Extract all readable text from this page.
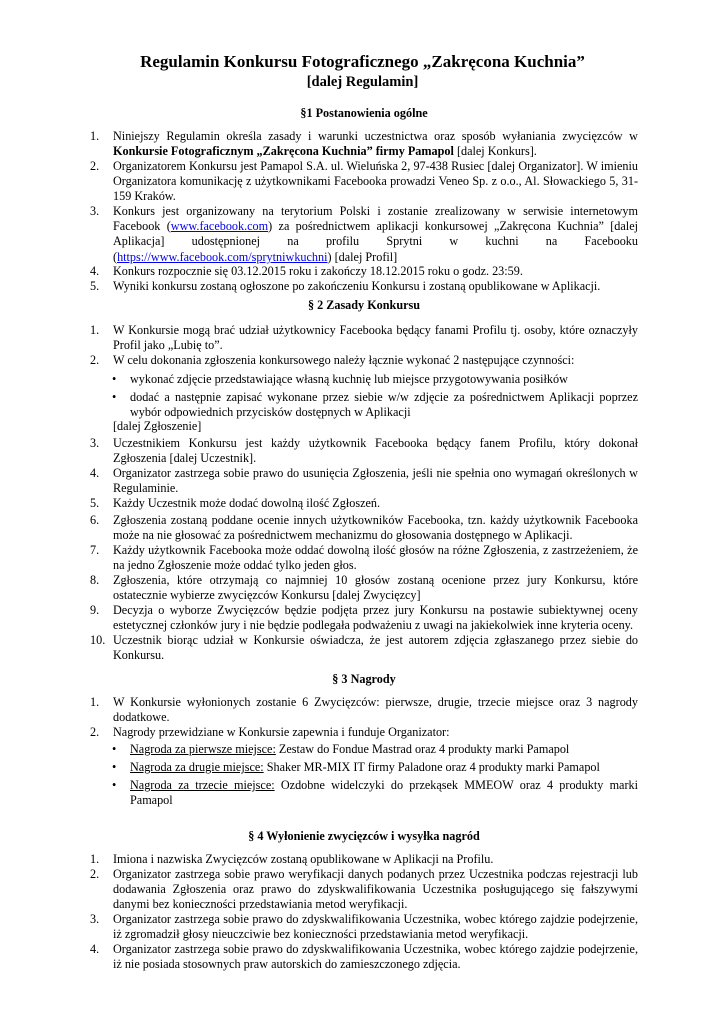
Regulamin Konkursu Fotograficznego „Zakręcona Kuchnia”
[dalej Regulamin]
§1 Postanowienia ogólne
1.	Niniejszy Regulamin określa zasady i warunki uczestnictwa oraz sposób wyłaniania zwycięzców w
Konkursie Fotograficznym „Zakręcona Kuchnia” firmy Pamapol [dalej Konkurs].
2.	Organizatorem Konkursu jest Pamapol S.A. ul. Wieluńska 2, 97-438 Rusiec [dalej Organizator]. W imieniu Organizatora komunikację z użytkownikami Facebooka prowadzi Veneo Sp. z o.o., Al. Słowackiego 5, 31-159 Kraków.
3.	Konkurs jest organizowany na terytorium Polski i zostanie zrealizowany w serwisie internetowym
Facebook (www.facebook.com) za pośrednictwem aplikacji konkursowej „Zakręcona Kuchnia” [dalej
Aplikacja] udostępnionej na profilu Sprytni w kuchni na Facebooku
(https://www.facebook.com/sprytniwkuchni) [dalej Profil]
4.	Konkurs rozpocznie się 03.12.2015 roku i zakończy 18.12.2015 roku o godz. 23:59.
5.	Wyniki konkursu zostaną ogłoszone po zakończeniu Konkursu i zostaną opublikowane w Aplikacji.
§ 2 Zasady Konkursu
1.	W Konkursie mogą brać udział użytkownicy Facebooka będący fanami Profilu tj. osoby, które oznaczyły Profil jako „Lubię to”.
2.	W celu dokonania zgłoszenia konkursowego należy łącznie wykonać 2 następujące czynności:
•	wykonać zdjęcie przedstawiające własną kuchnię lub miejsce przygotowywania posiłków
•	dodać a następnie zapisać wykonane przez siebie w/w zdjęcie za pośrednictwem Aplikacji poprzez wybór odpowiednich przycisków dostępnych w Aplikacji
[dalej Zgłoszenie]
3.	Uczestnikiem Konkursu jest każdy użytkownik Facebooka będący fanem Profilu, który dokonał Zgłoszenia [dalej Uczestnik].
4.	Organizator zastrzega sobie prawo do usunięcia Zgłoszenia, jeśli nie spełnia ono wymagań określonych w Regulaminie.
5.	Każdy Uczestnik może dodać dowolną ilość Zgłoszeń.
6.	Zgłoszenia zostaną poddane ocenie innych użytkowników Facebooka, tzn. każdy użytkownik Facebooka może na nie głosować za pośrednictwem mechanizmu do głosowania dostępnego w Aplikacji.
7.	Każdy użytkownik Facebooka może oddać dowolną ilość głosów na różne Zgłoszenia, z zastrzeżeniem, że na jedno Zgłoszenie może oddać tylko jeden głos.
8.	Zgłoszenia, które otrzymają co najmniej 10 głosów zostaną ocenione przez jury Konkursu, które ostatecznie wybierze zwycięzców Konkursu [dalej Zwycięzcy]
9.	Decyzja o wyborze Zwycięzców będzie podjęta przez jury Konkursu na postawie subiektywnej oceny estetycznej członków jury i nie będzie podlegała podważeniu z uwagi na jakiekolwiek inne kryteria oceny.
10. Uczestnik biorąc udział w Konkursie oświadcza, że jest autorem zdjęcia zgłaszanego przez siebie do Konkursu.
§ 3 Nagrody
1.	W Konkursie wyłonionych zostanie 6 Zwycięzców: pierwsze, drugie, trzecie miejsce oraz 3 nagrody dodatkowe.
2.	Nagrody przewidziane w Konkursie zapewnia i funduje Organizator:
•	Nagroda za pierwsze miejsce: Zestaw do Fondue Mastrad oraz 4 produkty marki Pamapol
•	Nagroda za drugie miejsce: Shaker MR-MIX IT firmy Paladone oraz 4 produkty marki Pamapol
•	Nagroda za trzecie miejsce: Ozdobne widelczyki do przekąsek MMEOW oraz 4 produkty marki Pamapol
§ 4 Wyłonienie zwycięzców i wysyłka nagród
1.	Imiona i nazwiska Zwycięzców zostaną opublikowane w Aplikacji na Profilu.
2.	Organizator zastrzega sobie prawo weryfikacji danych podanych przez Uczestnika podczas rejestracji lub dodawania Zgłoszenia oraz prawo do zdyskwalifikowania Uczestnika posługującego się fałszywymi danymi bez konieczności przedstawiania metod weryfikacji.
3.	Organizator zastrzega sobie prawo do zdyskwalifikowania Uczestnika, wobec którego zajdzie podejrzenie, iż zgromadził głosy nieuczciwie bez konieczności przedstawiania metod weryfikacji.
4.	Organizator zastrzega sobie prawo do zdyskwalifikowania Uczestnika, wobec którego zajdzie podejrzenie, iż nie posiada stosownych praw autorskich do zamieszczonego zdjęcia.
